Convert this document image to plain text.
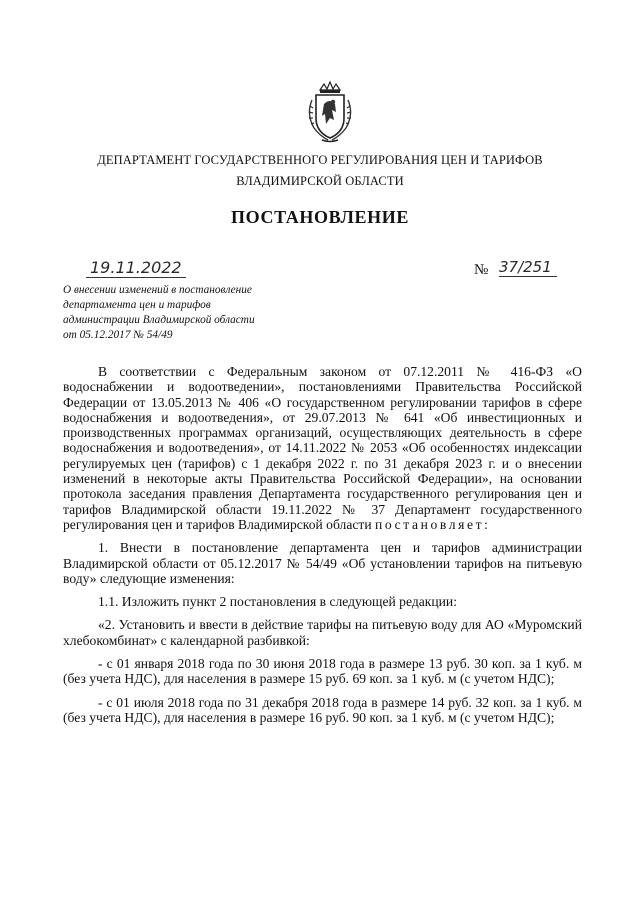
ДЕПАРТАМЕНТ ГОСУДАРСТВЕННОГО РЕГУЛИРОВАНИЯ ЦЕН И ТАРИФОВ
ВЛАДИМИРСКОЙ ОБЛАСТИ
ПОСТАНОВЛЕНИЕ
19.11.2022	№ 37/251
О внесении изменений в постановление
департамента цен и тарифов
администрации Владимирской области
от 05.12.2017 № 54/49

В соответствии с Федеральным законом от 07.12.2011 № 416-ФЗ «О водоснабжении и водоотведении», постановлениями Правительства Российской Федерации от 13.05.2013 № 406 «О государственном регулировании тарифов в сфере водоснабжения и водоотведения», от 29.07.2013 № 641 «Об инвестиционных и производственных программах организаций, осуществляющих деятельность в сфере водоснабжения и водоотведения», от 14.11.2022 № 2053 «Об особенностях индексации регулируемых цен (тарифов) с 1 декабря 2022 г. по 31 декабря 2023 г. и о внесении изменений в некоторые акты Правительства Российской Федерации», на основании протокола заседания правления Департамента государственного регулирования цен и тарифов Владимирской области 19.11.2022 № 37 Департамент государственного регулирования цен и тарифов Владимирской области постановляет:

1. Внести в постановление департамента цен и тарифов администрации Владимирской области от 05.12.2017 № 54/49 «Об установлении тарифов на питьевую воду» следующие изменения:

1.1. Изложить пункт 2 постановления в следующей редакции:

«2. Установить и ввести в действие тарифы на питьевую воду для АО «Муромский хлебокомбинат» с календарной разбивкой:

- с 01 января 2018 года по 30 июня 2018 года в размере 13 руб. 30 коп. за 1 куб. м (без учета НДС), для населения в размере 15 руб. 69 коп. за 1 куб. м (с учетом НДС);

- с 01 июля 2018 года по 31 декабря 2018 года в размере 14 руб. 32 коп. за 1 куб. м (без учета НДС), для населения в размере 16 руб. 90 коп. за 1 куб. м (с учетом НДС);
